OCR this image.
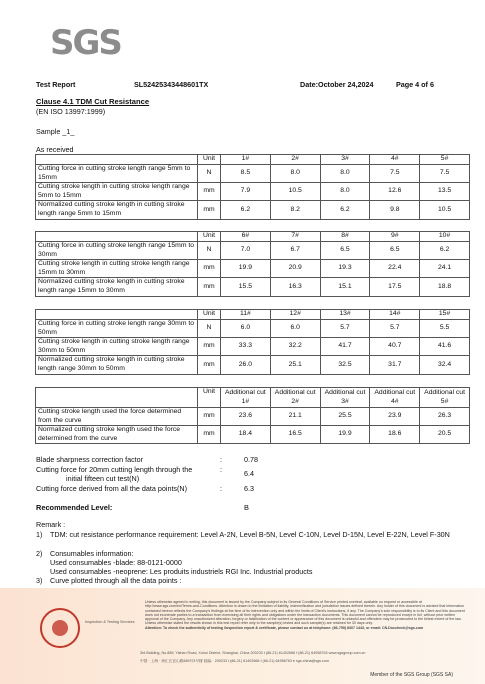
SGS
Test Report	SL52425343448601TX	Date:October 24,2024	Page 4 of 6
Clause 4.1 TDM Cut Resistance
(EN ISO 13997:1999)
Sample _1_
As received
	Unit	1#	2#	3#	4#	5#
Cutting force in cutting stroke length range 5mm to 15mm	N	8.5	8.0	8.0	7.5	7.5
Cutting stroke length in cutting stroke length range 5mm to 15mm	mm	7.9	10.5	8.0	12.6	13.5
Normalized cutting stroke length in cutting stroke length range 5mm to 15mm	mm	6.2	8.2	6.2	9.8	10.5
	Unit	6#	7#	8#	9#	10#
Cutting force in cutting stroke length range 15mm to 30mm	N	7.0	6.7	6.5	6.5	6.2
Cutting stroke length in cutting stroke length range 15mm to 30mm	mm	19.9	20.9	19.3	22.4	24.1
Normalized cutting stroke length in cutting stroke length range 15mm to 30mm	mm	15.5	16.3	15.1	17.5	18.8
	Unit	11#	12#	13#	14#	15#
Cutting force in cutting stroke length range 30mm to 50mm	N	6.0	6.0	5.7	5.7	5.5
Cutting stroke length in cutting stroke length range 30mm to 50mm	mm	33.3	32.2	41.7	40.7	41.6
Normalized cutting stroke length in cutting stroke length range 30mm to 50mm	mm	26.0	25.1	32.5	31.7	32.4
	Unit	Additional cut 1#	Additional cut 2#	Additional cut 3#	Additional cut 4#	Additional cut 5#
Cutting stroke length used the force determined from the curve	mm	23.6	21.1	25.5	23.9	26.3
Normalized cutting stroke length used the force determined from the curve	mm	18.4	16.5	19.9	18.6	20.5
Blade sharpness correction factor	:	0.78
Cutting force for 20mm cutting length through the
initial fifteen cut test(N)
:	6.4
Cutting force derived from all the data points(N)	:	6.3
Recommended Level:	B
Remark :
1) TDM: cut resistance performance requirement: Level A-2N, Level B-5N, Level C-10N, Level D-15N, Level E-22N, Level F-30N
2) Consumables information:
Used consumables -blade: 88-0121-0000
Used consumables -neoprene: Les produits industriels RGI Inc. Industrial products
3) Curve plotted through all the data points :
Inspection & Testing Services
Unless otherwise agreed in writing, this document is issued by the Company subject to its General Conditions of Service printed overleaf, available on request or accessible at http://www.sgs.com/en/Terms-and-Conditions. Attention is drawn to the limitation of liability, indemnification and jurisdiction issues defined therein. Any holder of this document is advised that information contained hereon reflects the Company's findings at the time of its intervention only and within the limits of Client's instructions, if any. The Company's sole responsibility is to its Client and this document does not exonerate parties to a transaction from exercising all their rights and obligations under the transaction documents. This document cannot be reproduced except in full, without prior written approval of the Company. Any unauthorized alteration, forgery or falsification of the content or appearance of this document is unlawful and offenders may be prosecuted to the fullest extent of the law. Unless otherwise stated the results shown in this test report refer only to the sample(s) tested and such sample(s) are retained for 30 days only.
Attention: To check the authenticity of testing /inspection report & certificate, please contact us at telephone: (86-755) 8307 1443, or email: CN.Doccheck@sgs.com
3rd Building, No.889, Yishan Road, Xuhui District, Shanghai, China 200233 t (86-21) 61402666 f (86-21) 64958763 www.sgsgroup.com.cn
中国 · 上海 · 徐汇区宜山路889号3号楼 邮编：200233 t (86-21) 61402666 f (86-21) 64958763 e sgs.china@sgs.com
Member of the SGS Group (SGS SA)
